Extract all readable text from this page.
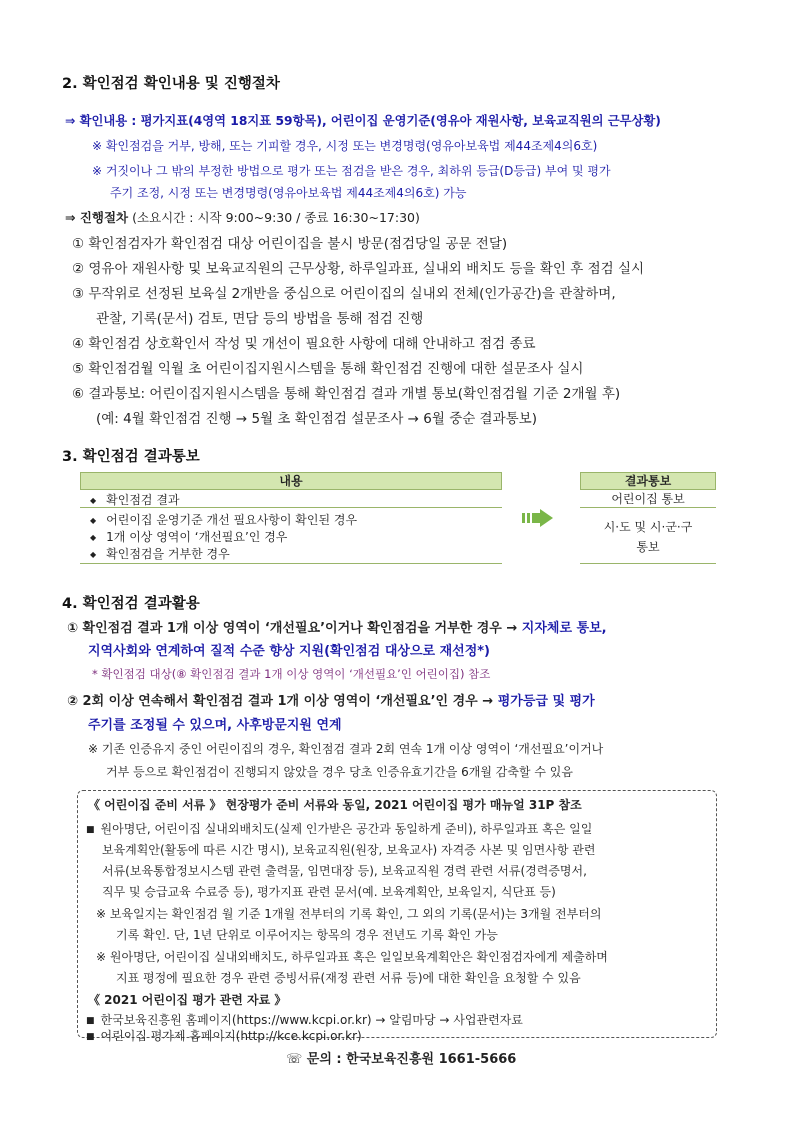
2. 확인점검 확인내용 및 진행절차
⇒ 확인내용 : 평가지표(4영역 18지표 59항목), 어린이집 운영기준(영유아 재원사항, 보육교직원의 근무상황)
※ 확인점검을 거부, 방해, 또는 기피할 경우, 시정 또는 변경명령(영유아보육법 제44조제4의6호)
※ 거짓이나 그 밖의 부정한 방법으로 평가 또는 점검을 받은 경우, 최하위 등급(D등급) 부여 및 평가
주기 조정, 시정 또는 변경명령(영유아보육법 제44조제4의6호) 가능
⇒ 진행절차 (소요시간 : 시작 9:00~9:30 / 종료 16:30~17:30)
① 확인점검자가 확인점검 대상 어린이집을 불시 방문(점검당일 공문 전달)
② 영유아 재원사항 및 보육교직원의 근무상황, 하루일과표, 실내외 배치도 등을 확인 후 점검 실시
③ 무작위로 선정된 보육실 2개반을 중심으로 어린이집의 실내외 전체(인가공간)을 관찰하며,
관찰, 기록(문서) 검토, 면담 등의 방법을 통해 점검 진행
④ 확인점검 상호확인서 작성 및 개선이 필요한 사항에 대해 안내하고 점검 종료
⑤ 확인점검월 익월 초 어린이집지원시스템을 통해 확인점검 진행에 대한 설문조사 실시
⑥ 결과통보: 어린이집지원시스템을 통해 확인점검 결과 개별 통보(확인점검월 기준 2개월 후)
(예: 4월 확인점검 진행 → 5월 초 확인점검 설문조사 → 6월 중순 결과통보)
3. 확인점검 결과통보
내용
◆ 확인점검 결과
◆ 어린이집 운영기준 개선 필요사항이 확인된 경우
◆ 1개 이상 영역이 ‘개선필요’인 경우
◆ 확인점검을 거부한 경우
결과통보
어린이집 통보
시·도 및 시·군·구
통보
4. 확인점검 결과활용
① 확인점검 결과 1개 이상 영역이 ‘개선필요’이거나 확인점검을 거부한 경우 → 지자체로 통보,
지역사회와 연계하여 질적 수준 향상 지원(확인점검 대상으로 재선정*)
* 확인점검 대상(⑧ 확인점검 결과 1개 이상 영역이 ‘개선필요’인 어린이집) 참조
② 2회 이상 연속해서 확인점검 결과 1개 이상 영역이 ‘개선필요’인 경우 → 평가등급 및 평가
주기를 조정될 수 있으며, 사후방문지원 연계
※ 기존 인증유지 중인 어린이집의 경우, 확인점검 결과 2회 연속 1개 이상 영역이 ‘개선필요’이거나
거부 등으로 확인점검이 진행되지 않았을 경우 당초 인증유효기간을 6개월 감축할 수 있음
《 어린이집 준비 서류 》 현장평가 준비 서류와 동일, 2021 어린이집 평가 매뉴얼 31P 참조
■ 원아명단, 어린이집 실내외배치도(실제 인가받은 공간과 동일하게 준비), 하루일과표 혹은 일일
보육계획안(활동에 따른 시간 명시), 보육교직원(원장, 보육교사) 자격증 사본 및 임면사항 관련
서류(보육통합정보시스템 관련 출력물, 임면대장 등), 보육교직원 경력 관련 서류(경력증명서,
직무 및 승급교육 수료증 등), 평가지표 관련 문서(예. 보육계획안, 보육일지, 식단표 등)
※ 보육일지는 확인점검 월 기준 1개월 전부터의 기록 확인, 그 외의 기록(문서)는 3개월 전부터의
기록 확인. 단, 1년 단위로 이루어지는 항목의 경우 전년도 기록 확인 가능
※ 원아명단, 어린이집 실내외배치도, 하루일과표 혹은 일일보육계획안은 확인점검자에게 제출하며
지표 평정에 필요한 경우 관련 증빙서류(재정 관련 서류 등)에 대한 확인을 요청할 수 있음
《 2021 어린이집 평가 관련 자료 》
■ 한국보육진흥원 홈페이지(https://www.kcpi.or.kr) → 알림마당 → 사업관련자료
■ 어린이집 평가제 홈페이지(http://kce.kcpi.or.kr)
☏ 문의 : 한국보육진흥원 1661-5666
